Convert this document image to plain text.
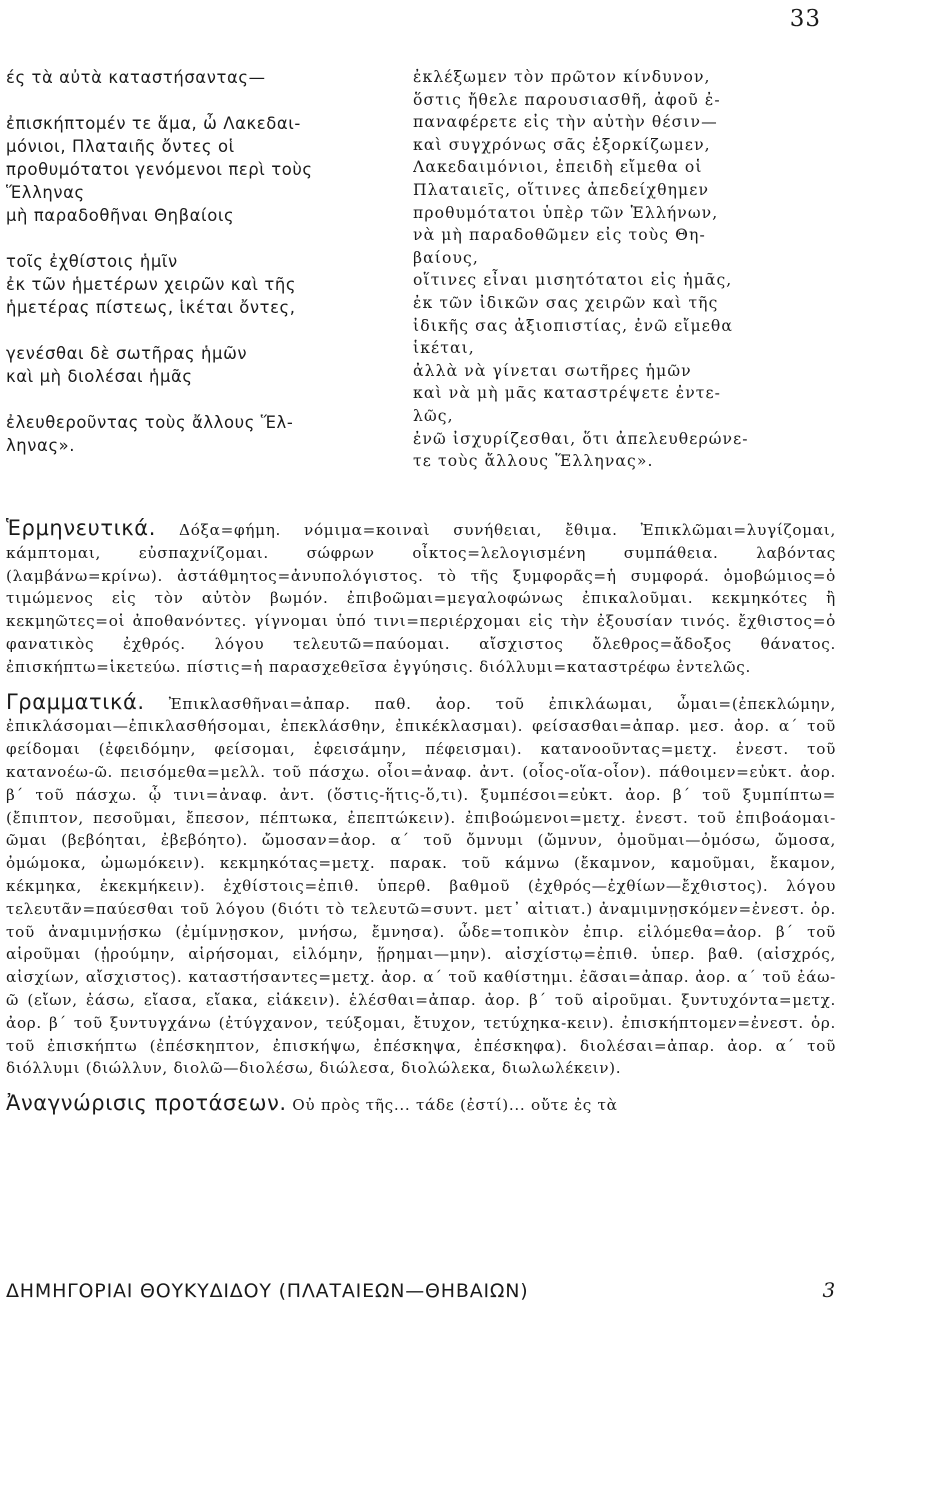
33
ές τὰ αὐτὰ καταστήσαντας—
ἐπισκήπτομέν τε ἅμα, ὦ Λακεδαι-
μόνιοι, Πλαταιῆς ὄντες οἱ
προθυμότατοι γενόμενοι περὶ τοὺς
Ἕλληνας
μὴ παραδοθῆναι Θηβαίοις
τοῖς ἐχθίστοις ἡμῖν
ἐκ τῶν ἡμετέρων χειρῶν καὶ τῆς
ἡμετέρας πίστεως, ἱκέται ὄντες,
γενέσθαι δὲ σωτῆρας ἡμῶν
καὶ μὴ διολέσαι ἡμᾶς
ἐλευθεροῦντας τοὺς ἄλλους Ἕλ-
ληνας».
ἐκλέξωμεν τὸν πρῶτον κίνδυνον,
ὅστις ἤθελε παρουσιασθῆ, ἀφοῦ ἐ-
παναφέρετε εἰς τὴν αὐτὴν θέσιν—
καὶ συγχρόνως σᾶς ἐξορκίζωμεν,
Λακεδαιμόνιοι, ἐπειδὴ εἴμεθα οἱ
Πλαταιεῖς, οἵτινες ἀπεδείχθημεν
προθυμότατοι ὑπὲρ τῶν Ἑλλήνων,
νὰ μὴ παραδοθῶμεν εἰς τοὺς Θη-
βαίους,
οἵτινες εἶναι μισητότατοι εἰς ἡμᾶς,
ἐκ τῶν ἰδικῶν σας χειρῶν καὶ τῆς
ἰδικῆς σας ἀξιοπιστίας, ἐνῶ εἴμεθα
ἱκέται,
ἀλλὰ νὰ γίνεται σωτῆρες ἡμῶν
καὶ νὰ μὴ μᾶς καταστρέψετε ἐντε-
λῶς,
ἐνῶ ἰσχυρίζεσθαι, ὅτι ἀπελευθερώνε-
τε τοὺς ἄλλους Ἕλληνας».

Ἑρμηνευτικά. Δόξα=φήμη. νόμιμα=κοιναὶ συνήθειαι, ἔθιμα. Ἐπικλῶμαι=λυγίζομαι, κάμπτομαι, εὐσπαχνίζομαι. σώφρων οἶκτος=λελογισμένη συμπάθεια. λαβόντας (λαμβάνω=κρίνω). ἀστάθμητος=ἀνυπολόγιστος. τὸ τῆς ξυμφορᾶς=ἡ συμφορά. ὁμοβώμιος=ὁ τιμώμενος εἰς τὸν αὐτὸν βωμόν. ἐπιβοῶμαι=μεγαλοφώνως ἐπικαλοῦμαι. κεκμηκότες ἢ κεκμηῶτες=οἱ ἀποθανόντες. γίγνομαι ὑπό τινι=περιέρχομαι εἰς τὴν ἐξουσίαν τινός. ἔχθιστος=ὁ φανατικὸς ἐχθρός. λόγου τελευτῶ=παύομαι. αἴσχιστος ὄλεθρος=ἄδοξος θάνατος. ἐπισκήπτω=ἱκετεύω. πίστις=ἡ παρασχεθεῖσα ἐγγύησις. διόλλυμι=καταστρέφω ἐντελῶς.

Γραμματικά. Ἐπικλασθῆναι=ἀπαρ. παθ. ἀορ. τοῦ ἐπικλάωμαι, ὦμαι=(ἐπεκλώμην, ἐπικλάσομαι—ἐπικλασθήσομαι, ἐπεκλάσθην, ἐπικέκλασμαι). φείσασθαι=ἀπαρ. μεσ. ἀορ. α΄ τοῦ φείδομαι (ἐφειδόμην, φείσομαι, ἐφεισάμην, πέφεισμαι). κατανοοῦντας=μετχ. ἐνεστ. τοῦ κατανοέω-ῶ. πεισόμεθα=μελλ. τοῦ πάσχω. οἷοι=ἀναφ. ἀντ. (οἷος-οἵα-οἷον). πάθοιμεν=εὐκτ. ἀορ. β΄ τοῦ πάσχω. ᾧ τινι=ἀναφ. ἀντ. (ὅστις-ἥτις-ὅ,τι). ξυμπέσοι=εὐκτ. ἀορ. β΄ τοῦ ξυμπίπτω=(ἔπιπτον, πεσοῦμαι, ἔπεσον, πέπτωκα, ἐπεπτώκειν). ἐπιβοώμενοι=μετχ. ἐνεστ. τοῦ ἐπιβοάομαι-ῶμαι (βεβόηται, ἐβεβόητο). ὤμοσαν=ἀορ. α΄ τοῦ ὄμνυμι (ὤμνυν, ὀμοῦμαι—ὀμόσω, ὤμοσα, ὀμώμοκα, ὠμωμόκειν). κεκμηκότας=μετχ. παρακ. τοῦ κάμνω (ἔκαμνον, καμοῦμαι, ἔκαμον, κέκμηκα, ἐκεκμήκειν). ἐχθίστοις=ἐπιθ. ὑπερθ. βαθμοῦ (ἐχθρός—ἐχθίων—ἔχθιστος). λόγου τελευτᾶν=παύεσθαι τοῦ λόγου (διότι τὸ τελευτῶ=συντ. μετ᾽ αἰτιατ.) ἀναμιμνῃσκόμεν=ἐνεστ. ὁρ. τοῦ ἀναμιμνῄσκω (ἐμίμνῃσκον, μνήσω, ἔμνησα). ὧδε=τοπικὸν ἐπιρ. εἱλόμεθα=ἀορ. β΄ τοῦ αἱροῦμαι (ᾑρούμην, αἱρήσομαι, εἱλόμην, ᾕρημαι—μην). αἰσχίστῳ=ἐπιθ. ὑπερ. βαθ. (αἰσχρός, αἰσχίων, αἴσχιστος). καταστήσαντες=μετχ. ἀορ. α΄ τοῦ καθίστημι. ἐᾶσαι=ἀπαρ. ἀορ. α΄ τοῦ ἐάω-ῶ (εἴων, ἐάσω, εἴασα, εἴακα, εἰάκειν). ἑλέσθαι=ἀπαρ. ἀορ. β΄ τοῦ αἱροῦμαι. ξυντυχόντα=μετχ. ἀορ. β΄ τοῦ ξυντυγχάνω (ἐτύγχανον, τεύξομαι, ἔτυχον, τετύχηκα-κειν). ἐπισκήπτομεν=ἐνεστ. ὁρ. τοῦ ἐπισκήπτω (ἐπέσκηπτον, ἐπισκήψω, ἐπέσκηψα, ἐπέσκηφα). διολέσαι=ἀπαρ. ἀορ. α΄ τοῦ διόλλυμι (διώλλυν, διολῶ—διολέσω, διώλεσα, διολώλεκα, διωλωλέκειν).

Ἀναγνώρισις προτάσεων. Οὐ πρὸς τῆς... τάδε (ἐστί)... οὔτε ἐς τὰ

ΔΗΜΗΓΟΡΙΑΙ ΘΟΥΚΥΔΙΔΟΥ (ΠΛΑΤΑΙΕΩΝ—ΘΗΒΑΙΩΝ)	3
